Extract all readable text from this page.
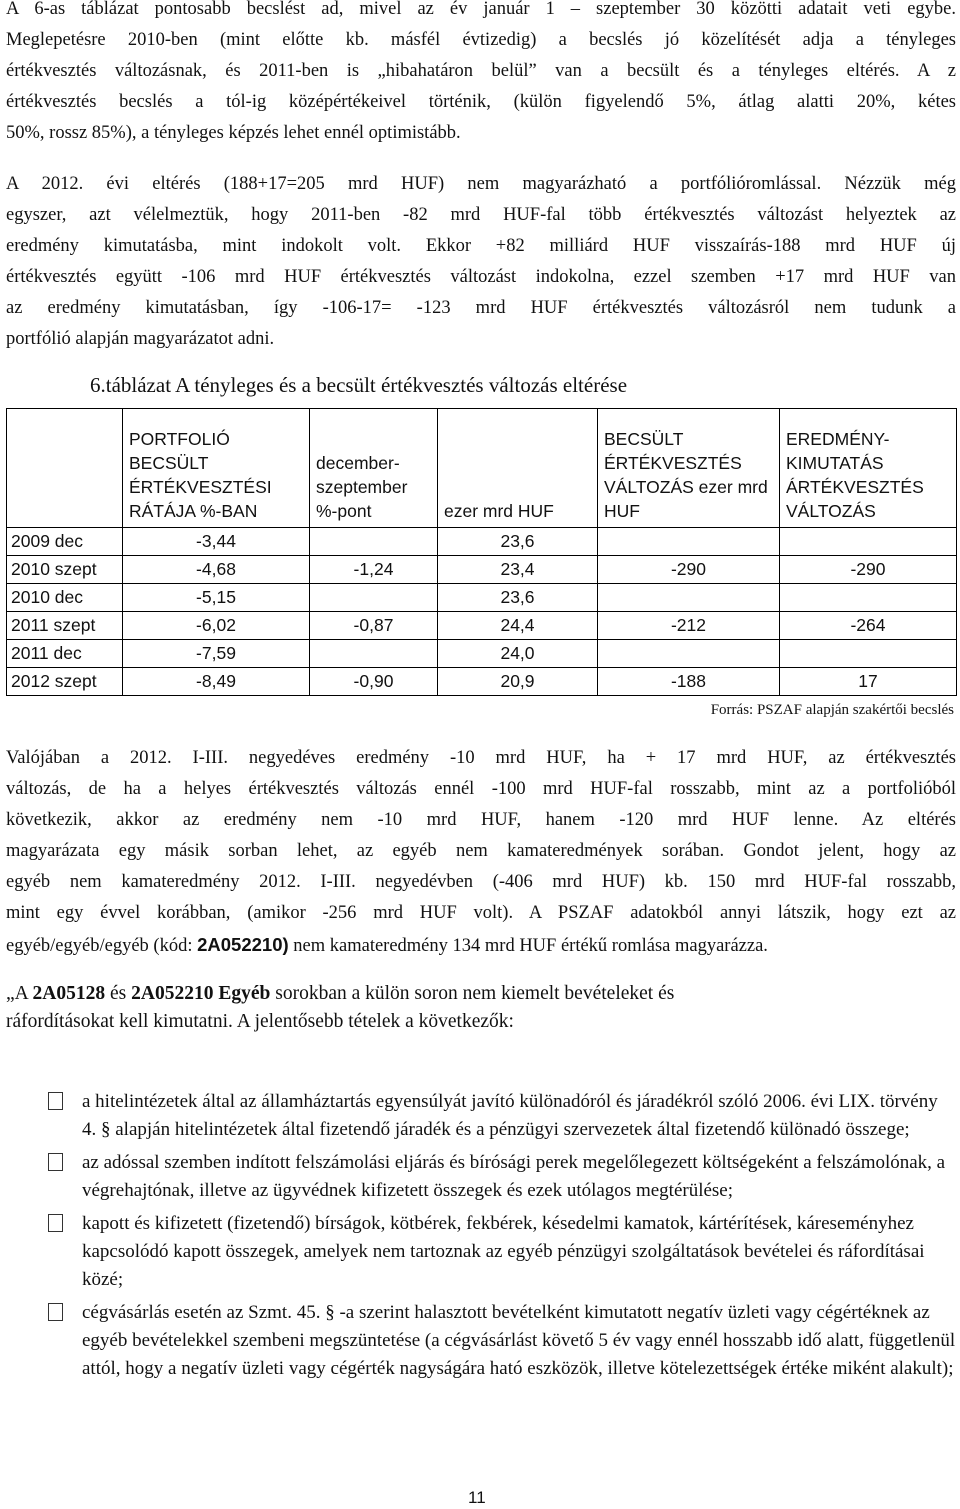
A 6-as táblázat pontosabb becslést ad, mivel az év január 1 – szeptember 30 közötti adatait veti egybe.
Meglepetésre 2010-ben (mint előtte kb. másfél évtizedig) a becslés jó közelítését adja a tényleges
értékvesztés változásnak, és 2011-ben is „hibahatáron belül” van a becsült és a tényleges eltérés. A z
értékvesztés becslés a tól-ig középértékeivel történik, (külön figyelendő 5%, átlag alatti 20%, kétes
50%, rossz 85%), a tényleges képzés lehet ennél optimistább.
A 2012. évi eltérés (188+17=205 mrd HUF) nem magyarázható a portfólióromlással. Nézzük még
egyszer, azt vélelmeztük, hogy 2011-ben -82 mrd HUF-fal több értékvesztés változást helyeztek az
eredmény kimutatásba, mint indokolt volt. Ekkor +82 milliárd HUF visszaírás-188 mrd HUF új
értékvesztés együtt -106 mrd HUF értékvesztés változást indokolna, ezzel szemben +17 mrd HUF van
az eredmény kimutatásban, így -106-17= -123 mrd HUF értékvesztés változásról nem tudunk a
portfólió alapján magyarázatot adni.
6.táblázat A tényleges és a becsült értékvesztés változás eltérése
	PORTFOLIÓ BECSÜLT ÉRTÉKVESZTÉSI RÁTÁJA %-BAN	december-szeptember %-pont	ezer mrd HUF	BECSÜLT ÉRTÉKVESZTÉS VÁLTOZÁS ezer mrd HUF	EREDMÉNY-KIMUTATÁS ÁRTÉKVESZTÉS VÁLTOZÁS
2009 dec	-3,44		23,6		
2010 szept	-4,68	-1,24	23,4	-290	-290
2010 dec	-5,15		23,6		
2011 szept	-6,02	-0,87	24,4	-212	-264
2011 dec	-7,59		24,0		
2012 szept	-8,49	-0,90	20,9	-188	17
Forrás: PSZAF alapján szakértői becslés
Valójában a 2012. I-III. negyedéves eredmény -10 mrd HUF, ha + 17 mrd HUF, az értékvesztés
változás, de ha a helyes értékvesztés változás ennél -100 mrd HUF-fal rosszabb, mint az a portfolióból
következik, akkor az eredmény nem -10 mrd HUF, hanem -120 mrd HUF lenne. Az eltérés
magyarázata egy másik sorban lehet, az egyéb nem kamateredmények sorában. Gondot jelent, hogy az
egyéb nem kamateredmény 2012. I-III. negyedévben (-406 mrd HUF) kb. 150 mrd HUF-fal rosszabb,
mint egy évvel korábban, (amikor -256 mrd HUF volt). A PSZAF adatokból annyi látszik, hogy ezt az
egyéb/egyéb/egyéb (kód: 2A052210) nem kamateredmény 134 mrd HUF értékű romlása magyarázza.
„A 2A05128 és 2A052210 Egyéb sorokban a külön soron nem kiemelt bevételeket és
ráfordításokat kell kimutatni. A jelentősebb tételek a következők:
a hitelintézetek által az államháztartás egyensúlyát javító különadóról és járadékról szóló 2006. évi LIX. törvény 4. § alapján hitelintézetek által fizetendő járadék és a pénzügyi szervezetek által fizetendő különadó összege;
az adóssal szemben indított felszámolási eljárás és bírósági perek megelőlegezett költségeként a felszámolónak, a végrehajtónak, illetve az ügyvédnek kifizetett összegek és ezek utólagos megtérülése;
kapott és kifizetett (fizetendő) bírságok, kötbérek, fekbérek, késedelmi kamatok, kártérítések, káreseményhez kapcsolódó kapott összegek, amelyek nem tartoznak az egyéb pénzügyi szolgáltatások bevételei és ráfordításai közé;
cégvásárlás esetén az Szmt. 45. § -a szerint halasztott bevételként kimutatott negatív üzleti vagy cégértéknek az egyéb bevételekkel szembeni megszüntetése (a cégvásárlást követő 5 év vagy ennél hosszabb idő alatt, függetlenül attól, hogy a negatív üzleti vagy cégérték nagyságára ható eszközök, illetve kötelezettségek értéke miként alakult);
11
